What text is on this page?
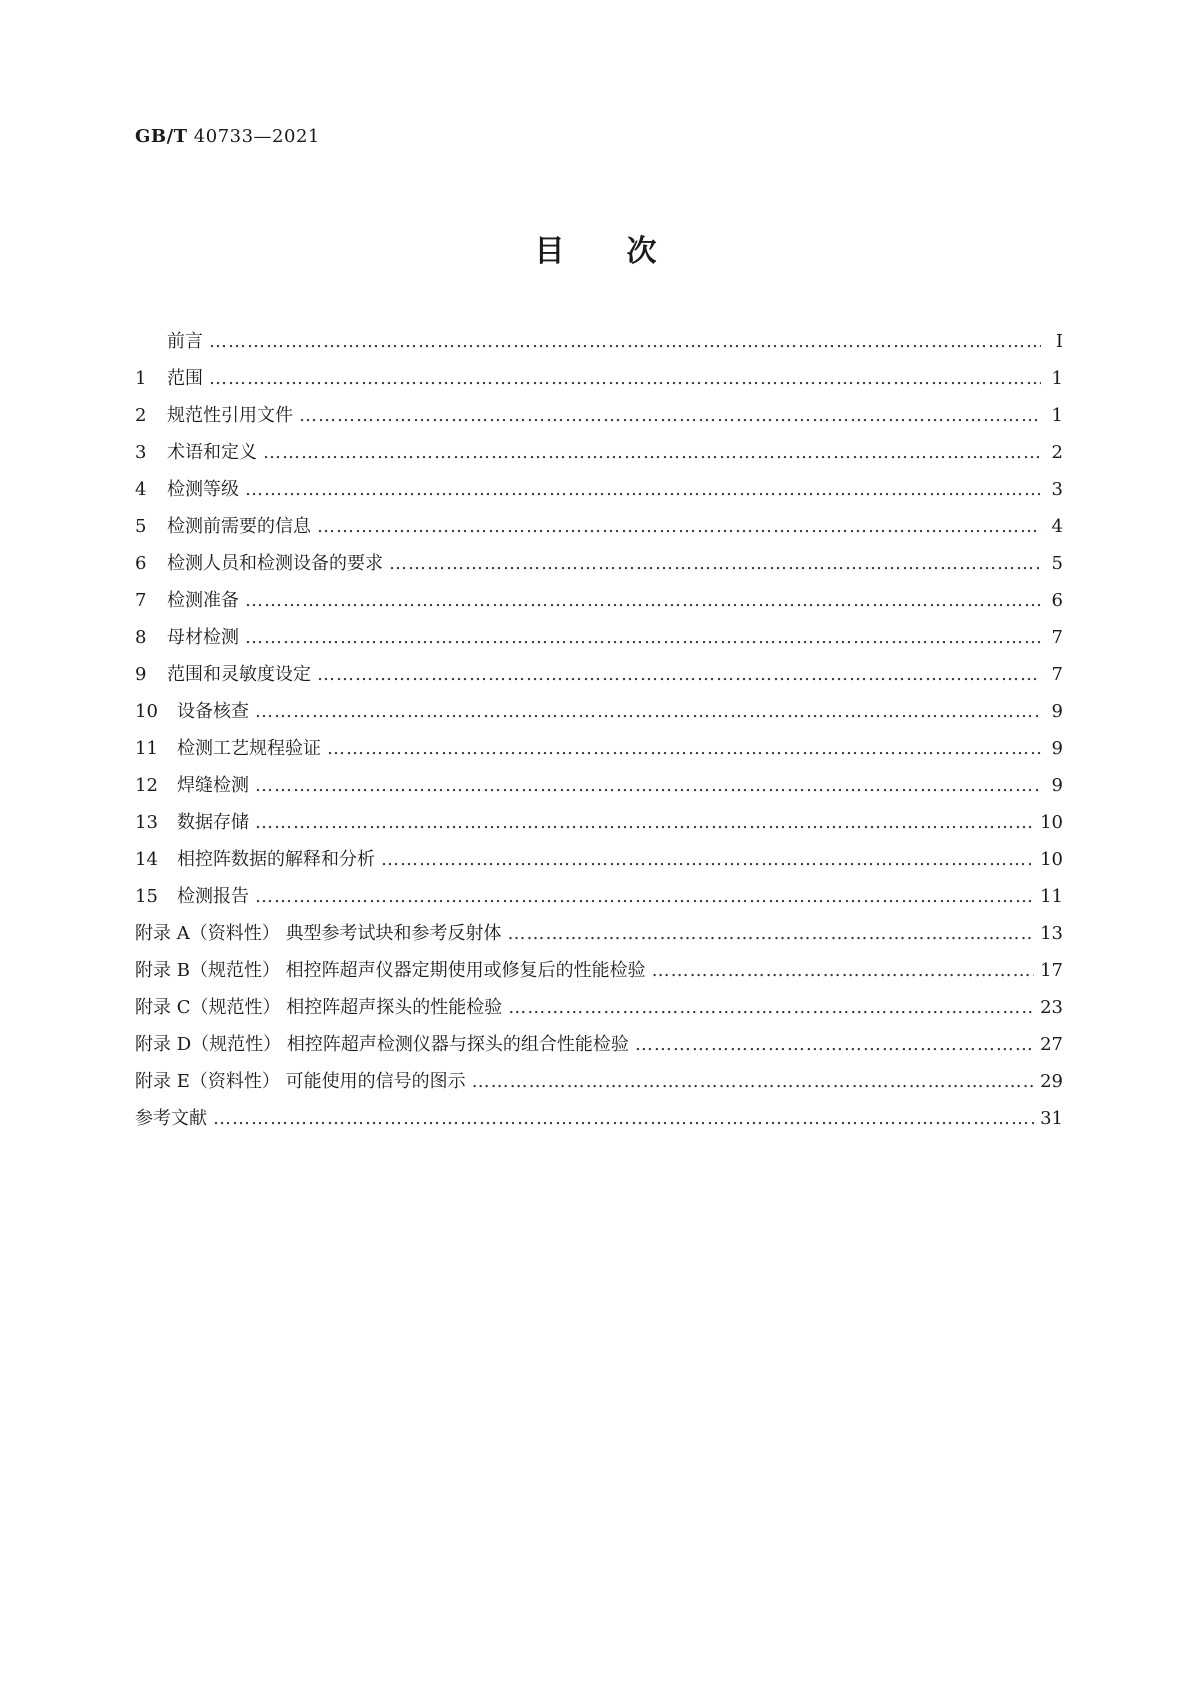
GB/T 40733—2021
目次
前言 ………………………………………………………………………………………………………………………………………………………………………………………………………………………………………………	Ⅰ
1 范围 ………………………………………………………………………………………………………………………………………………………………………………………………………………………………………………	1
2 规范性引用文件 ………………………………………………………………………………………………………………………………………………………………………………………………………………………………………………	1
3 术语和定义 ………………………………………………………………………………………………………………………………………………………………………………………………………………………………………………	2
4 检测等级 ………………………………………………………………………………………………………………………………………………………………………………………………………………………………………………	3
5 检测前需要的信息 ………………………………………………………………………………………………………………………………………………………………………………………………………………………………………………	4
6 检测人员和检测设备的要求 ………………………………………………………………………………………………………………………………………………………………………………………………………………………………………………	5
7 检测准备 ………………………………………………………………………………………………………………………………………………………………………………………………………………………………………………	6
8 母材检测 ………………………………………………………………………………………………………………………………………………………………………………………………………………………………………………	7
9 范围和灵敏度设定 ………………………………………………………………………………………………………………………………………………………………………………………………………………………………………………	7
10 设备核查 ………………………………………………………………………………………………………………………………………………………………………………………………………………………………………………	9
11 检测工艺规程验证 ………………………………………………………………………………………………………………………………………………………………………………………………………………………………………………	9
12 焊缝检测 ………………………………………………………………………………………………………………………………………………………………………………………………………………………………………………	9
13 数据存储 ………………………………………………………………………………………………………………………………………………………………………………………………………………………………………………	10
14 相控阵数据的解释和分析 ………………………………………………………………………………………………………………………………………………………………………………………………………………………………………………	10
15 检测报告 ………………………………………………………………………………………………………………………………………………………………………………………………………………………………………………	11
附录 A（资料性） 典型参考试块和参考反射体 ………………………………………………………………………………………………………………………………………………………………………………………………………………………………………………	13
附录 B（规范性） 相控阵超声仪器定期使用或修复后的性能检验 ………………………………………………………………………………………………………………………………………………………………………………………………………………………………………………	17
附录 C（规范性） 相控阵超声探头的性能检验 ………………………………………………………………………………………………………………………………………………………………………………………………………………………………………………	23
附录 D（规范性） 相控阵超声检测仪器与探头的组合性能检验 ………………………………………………………………………………………………………………………………………………………………………………………………………………………………………………	27
附录 E（资料性） 可能使用的信号的图示 ………………………………………………………………………………………………………………………………………………………………………………………………………………………………………………	29
参考文献 ………………………………………………………………………………………………………………………………………………………………………………………………………………………………………………	31
